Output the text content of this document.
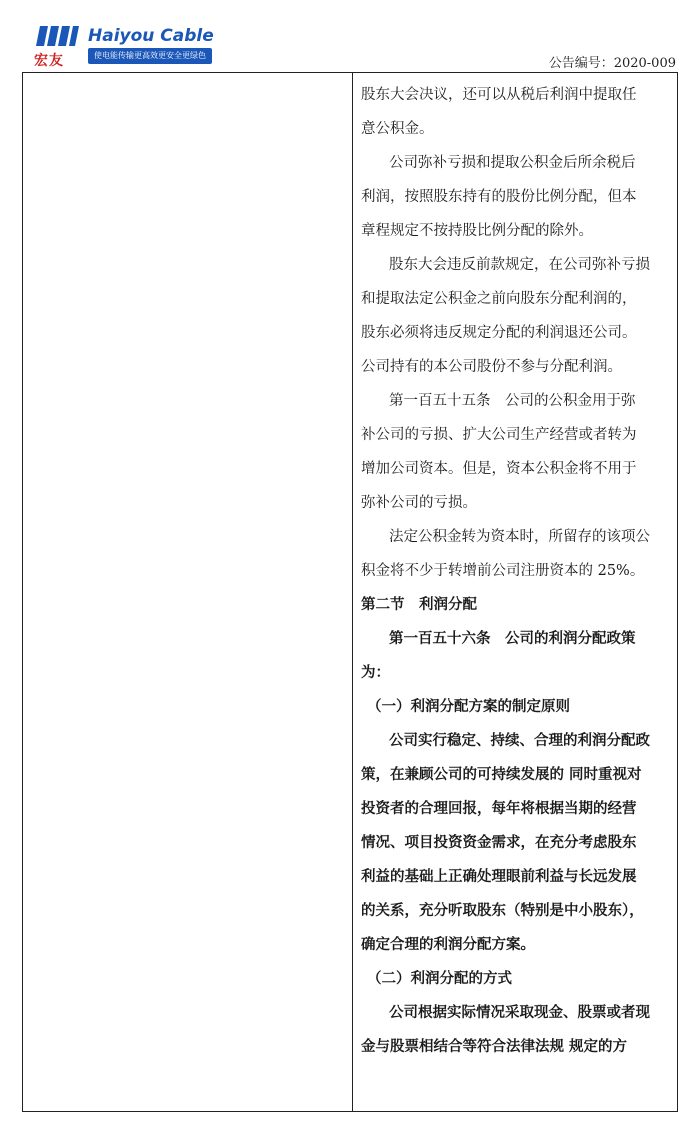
宏友
Haiyou Cable
使电能传输更高效更安全更绿色
公告编号：2020-009
股东大会决议，还可以从税后利润中提取任
意公积金。
公司弥补亏损和提取公积金后所余税后
利润，按照股东持有的股份比例分配，但本
章程规定不按持股比例分配的除外。
股东大会违反前款规定，在公司弥补亏损
和提取法定公积金之前向股东分配利润的，
股东必须将违反规定分配的利润退还公司。
公司持有的本公司股份不参与分配利润。
第一百五十五条　公司的公积金用于弥
补公司的亏损、扩大公司生产经营或者转为
增加公司资本。但是，资本公积金将不用于
弥补公司的亏损。
法定公积金转为资本时，所留存的该项公
积金将不少于转增前公司注册资本的 25%。
第二节　利润分配
第一百五十六条　公司的利润分配政策
为：
（一）利润分配方案的制定原则
公司实行稳定、持续、合理的利润分配政
策，在兼顾公司的可持续发展的 同时重视对
投资者的合理回报，每年将根据当期的经营
情况、项目投资资金需求，在充分考虑股东
利益的基础上正确处理眼前利益与长远发展
的关系，充分听取股东（特别是中小股东），
确定合理的利润分配方案。
（二）利润分配的方式
公司根据实际情况采取现金、股票或者现
金与股票相结合等符合法律法规 规定的方
